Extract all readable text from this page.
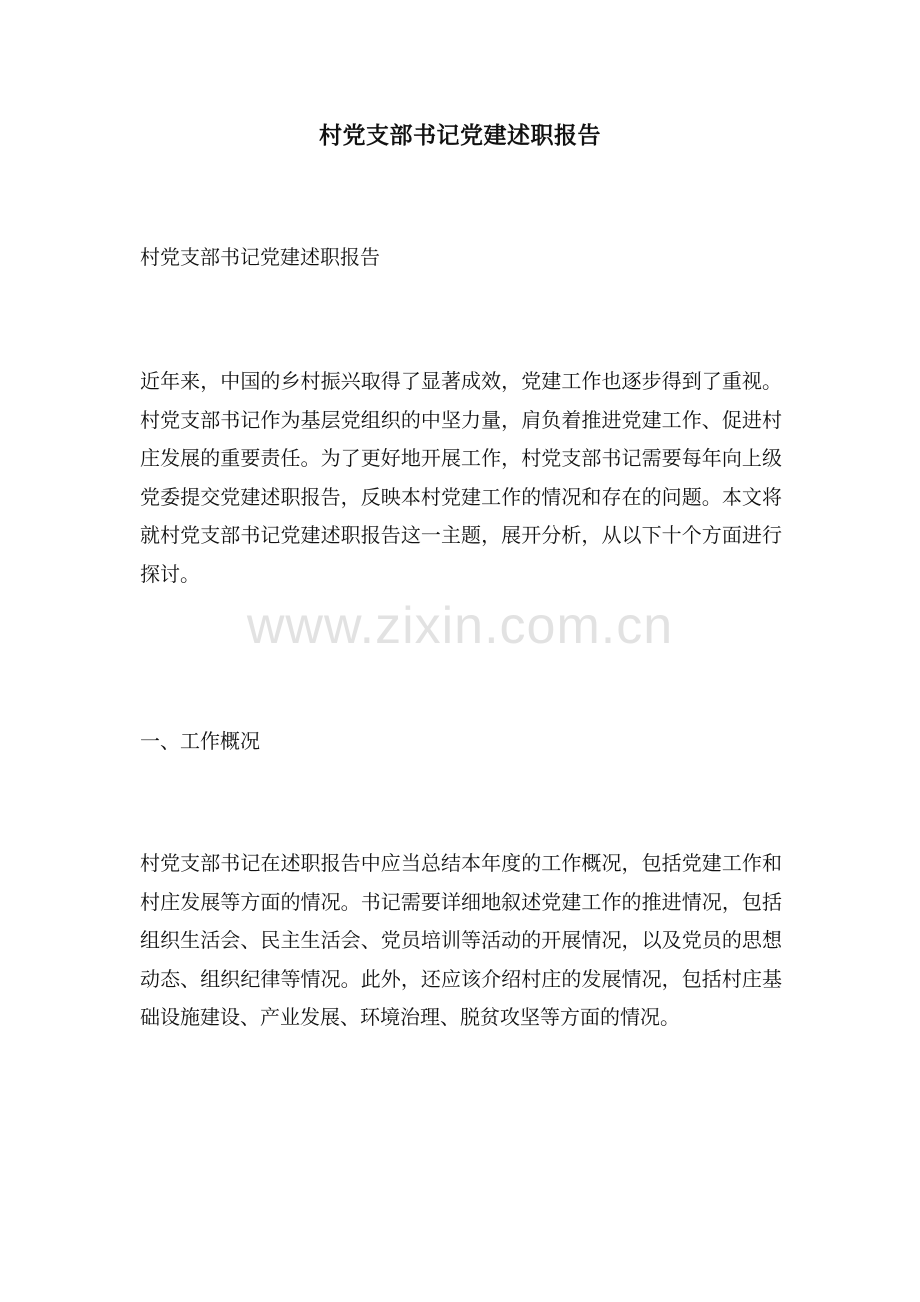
村党支部书记党建述职报告

村党支部书记党建述职报告

近年来，中国的乡村振兴取得了显著成效，党建工作也逐步得到了重视。村党支部书记作为基层党组织的中坚力量，肩负着推进党建工作、促进村庄发展的重要责任。为了更好地开展工作，村党支部书记需要每年向上级党委提交党建述职报告，反映本村党建工作的情况和存在的问题。本文将就村党支部书记党建述职报告这一主题，展开分析，从以下十个方面进行探讨。

www.zixin.com.cn

一、工作概况

村党支部书记在述职报告中应当总结本年度的工作概况，包括党建工作和村庄发展等方面的情况。书记需要详细地叙述党建工作的推进情况，包括组织生活会、民主生活会、党员培训等活动的开展情况，以及党员的思想动态、组织纪律等情况。此外，还应该介绍村庄的发展情况，包括村庄基础设施建设、产业发展、环境治理、脱贫攻坚等方面的情况。
